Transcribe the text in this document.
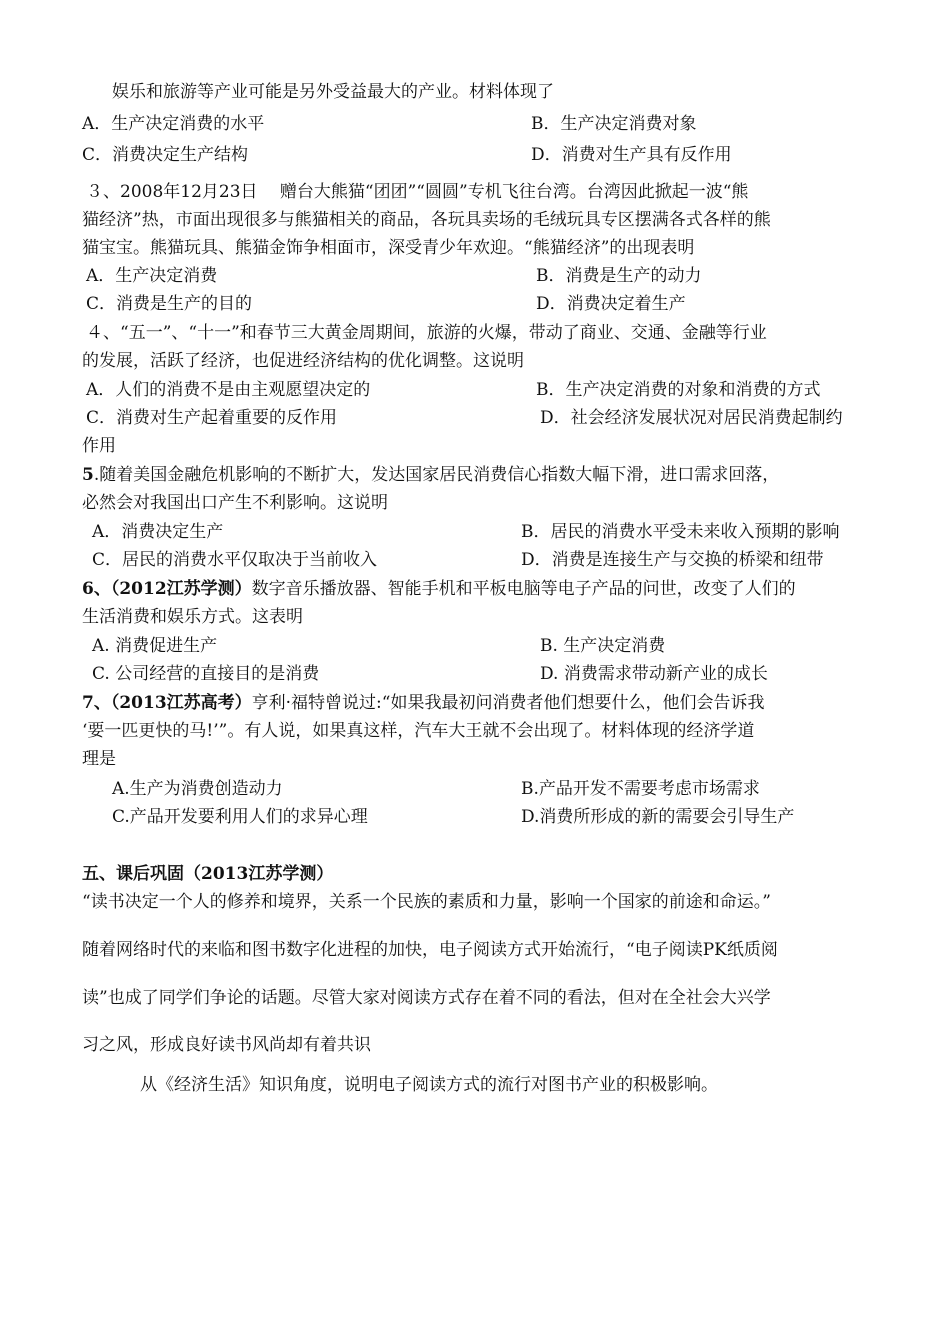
娱乐和旅游等产业可能是另外受益最大的产业。材料体现了
A．生产决定消费的水平	B．生产决定消费对象
C．消费决定生产结构	D．消费对生产具有反作用
３、2008年12月23日　 赠台大熊猫“团团”“圆圆”专机飞往台湾。台湾因此掀起一波“熊
猫经济”热，市面出现很多与熊猫相关的商品，各玩具卖场的毛绒玩具专区摆满各式各样的熊
猫宝宝。熊猫玩具、熊猫金饰争相面市，深受青少年欢迎。“熊猫经济”的出现表明
A．生产决定消费	B．消费是生产的动力
C．消费是生产的目的	D．消费决定着生产
４、“五一”、“十一”和春节三大黄金周期间，旅游的火爆，带动了商业、交通、金融等行业
的发展，活跃了经济，也促进经济结构的优化调整。这说明
A．人们的消费不是由主观愿望决定的	B．生产决定消费的对象和消费的方式
C．消费对生产起着重要的反作用	D．社会经济发展状况对居民消费起制约
作用
5.随着美国金融危机影响的不断扩大，发达国家居民消费信心指数大幅下滑，进口需求回落，
必然会对我国出口产生不利影响。这说明
A．消费决定生产	B．居民的消费水平受未来收入预期的影响
C．居民的消费水平仅取决于当前收入	D．消费是连接生产与交换的桥梁和纽带
6、（2012江苏学测）数字音乐播放器、智能手机和平板电脑等电子产品的问世，改变了人们的
生活消费和娱乐方式。这表明
A. 消费促进生产	B. 生产决定消费
C. 公司经营的直接目的是消费	D. 消费需求带动新产业的成长
7、（2013江苏高考）亨利·福特曾说过:“如果我最初问消费者他们想要什么，他们会告诉我
‘要一匹更快的马!’”。有人说，如果真这样，汽车大王就不会出现了。材料体现的经济学道
理是
A.生产为消费创造动力	B.产品开发不需要考虑市场需求
C.产品开发要利用人们的求异心理	D.消费所形成的新的需要会引导生产
五、课后巩固（2013江苏学测）
“读书决定一个人的修养和境界，关系一个民族的素质和力量，影响一个国家的前途和命运。”
随着网络时代的来临和图书数字化进程的加快，电子阅读方式开始流行，“电子阅读PK纸质阅
读”也成了同学们争论的话题。尽管大家对阅读方式存在着不同的看法，但对在全社会大兴学
习之风，形成良好读书风尚却有着共识
从《经济生活》知识角度，说明电子阅读方式的流行对图书产业的积极影响。
